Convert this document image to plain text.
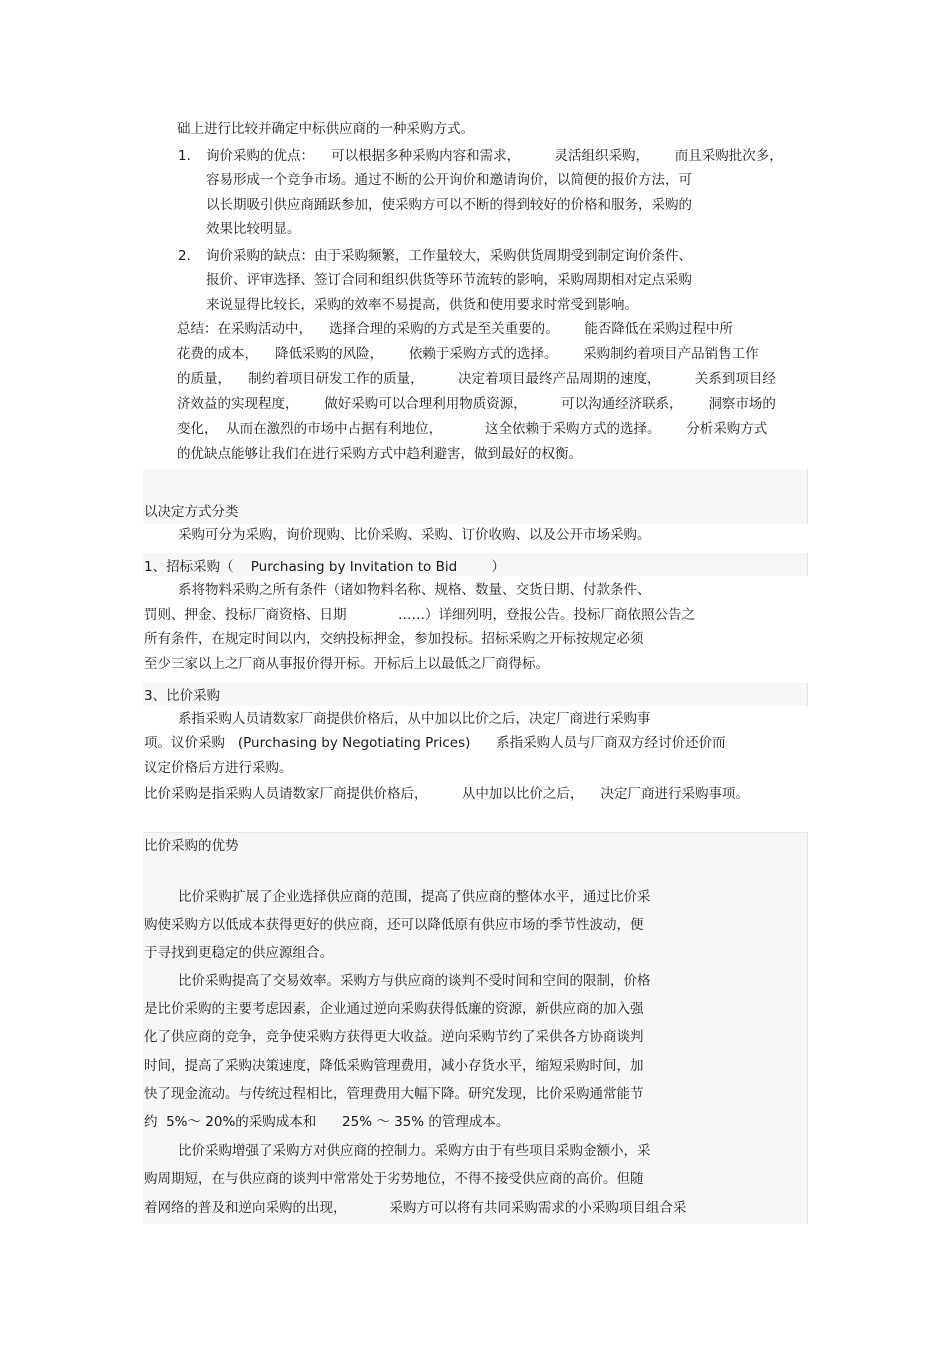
础上进行比较并确定中标供应商的一种采购方式。
1. 询价采购的优点：    可以根据多种采购内容和需求，        灵活组织采购，      而且采购批次多，
容易形成一个竞争市场。通过不断的公开询价和邀请询价，以简便的报价方法，可
以长期吸引供应商踊跃参加，使采购方可以不断的得到较好的价格和服务，采购的
效果比较明显。
2. 询价采购的缺点：由于采购频繁，工作量较大，采购供货周期受到制定询价条件、
报价、评审选择、签订合同和组织供货等环节流转的影响，采购周期相对定点采购
来说显得比较长，采购的效率不易提高，供货和使用要求时常受到影响。
总结：在采购活动中，    选择合理的采购的方式是至关重要的。      能否降低在采购过程中所
花费的成本，    降低采购的风险，      依赖于采购方式的选择。      采购制约着项目产品销售工作
的质量，    制约着项目研发工作的质量，        决定着项目最终产品周期的速度，        关系到项目经
济效益的实现程度，      做好采购可以合理利用物质资源，        可以沟通经济联系，      洞察市场的
变化，  从而在激烈的市场中占据有利地位，          这全依赖于采购方式的选择。      分析采购方式
的优缺点能够让我们在进行采购方式中趋利避害，做到最好的权衡。
以决定方式分类
采购可分为采购，询价现购、比价采购、采购、订价收购、以及公开市场采购。
1、招标采购（    Purchasing by Invitation to Bid        ）
系将物料采购之所有条件（诸如物料名称、规格、数量、交货日期、付款条件、
罚则、押金、投标厂商资格、日期            ……）详细列明，登报公告。投标厂商依照公告之
所有条件，在规定时间以内，交纳投标押金，参加投标。招标采购之开标按规定必须
至少三家以上之厂商从事报价得开标。开标后上以最低之厂商得标。
3、比价采购
系指采购人员请数家厂商提供价格后，从中加以比价之后，决定厂商进行采购事
项。议价采购   (Purchasing by Negotiating Prices)      系指采购人员与厂商双方经讨价还价而
议定价格后方进行采购。
比价采购是指采购人员请数家厂商提供价格后，        从中加以比价之后，    决定厂商进行采购事项。
比价采购的优势
比价采购扩展了企业选择供应商的范围，提高了供应商的整体水平，通过比价采
购使采购方以低成本获得更好的供应商，还可以降低原有供应市场的季节性波动，便
于寻找到更稳定的供应源组合。
比价采购提高了交易效率。采购方与供应商的谈判不受时间和空间的限制，价格
是比价采购的主要考虑因素，企业通过逆向采购获得低廉的资源，新供应商的加入强
化了供应商的竞争，竞争使采购方获得更大收益。逆向采购节约了采供各方协商谈判
时间，提高了采购决策速度，降低采购管理费用，减小存货水平，缩短采购时间，加
快了现金流动。与传统过程相比，管理费用大幅下降。研究发现，比价采购通常能节
约  5%～ 20%的采购成本和      25% ～ 35% 的管理成本。
比价采购增强了采购方对供应商的控制力。采购方由于有些项目采购金额小，采
购周期短，在与供应商的谈判中常常处于劣势地位，不得不接受供应商的高价。但随
着网络的普及和逆向采购的出现，          采购方可以将有共同采购需求的小采购项目组合采
